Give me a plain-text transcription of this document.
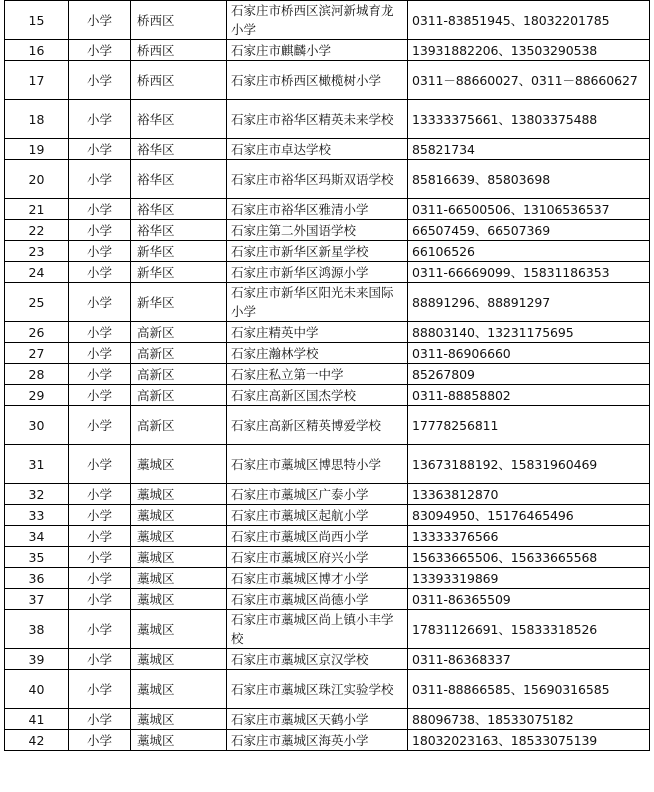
15	小学	桥西区	石家庄市桥西区滨河新城育龙小学	0311-83851945、18032201785
16	小学	桥西区	石家庄市麒麟小学	13931882206、13503290538
17	小学	桥西区	石家庄市桥西区橄榄树小学	0311－88660027、0311－88660627
18	小学	裕华区	石家庄市裕华区精英未来学校	13333375661、13803375488
19	小学	裕华区	石家庄市卓达学校	85821734
20	小学	裕华区	石家庄市裕华区玛斯双语学校	85816639、85803698
21	小学	裕华区	石家庄市裕华区雅清小学	0311-66500506、13106536537
22	小学	裕华区	石家庄第二外国语学校	66507459、66507369
23	小学	新华区	石家庄市新华区新星学校	66106526
24	小学	新华区	石家庄市新华区鸿源小学	0311-66669099、15831186353
25	小学	新华区	石家庄市新华区阳光未来国际小学	88891296、88891297
26	小学	高新区	石家庄精英中学	88803140、13231175695
27	小学	高新区	石家庄瀚林学校	0311-86906660
28	小学	高新区	石家庄私立第一中学	85267809
29	小学	高新区	石家庄高新区国杰学校	0311-88858802
30	小学	高新区	石家庄高新区精英博爱学校	17778256811
31	小学	藁城区	石家庄市藁城区博思特小学	13673188192、15831960469
32	小学	藁城区	石家庄市藁城区广泰小学	13363812870
33	小学	藁城区	石家庄市藁城区起航小学	83094950、15176465496
34	小学	藁城区	石家庄市藁城区尚西小学	13333376566
35	小学	藁城区	石家庄市藁城区府兴小学	15633665506、15633665568
36	小学	藁城区	石家庄市藁城区博才小学	13393319869
37	小学	藁城区	石家庄市藁城区尚德小学	0311-86365509
38	小学	藁城区	石家庄市藁城区尚上镇小丰学校	17831126691、15833318526
39	小学	藁城区	石家庄市藁城区京汉学校	0311-86368337
40	小学	藁城区	石家庄市藁城区珠江实验学校	0311-88866585、15690316585
41	小学	藁城区	石家庄市藁城区天鹤小学	88096738、18533075182
42	小学	藁城区	石家庄市藁城区海英小学	18032023163、18533075139
